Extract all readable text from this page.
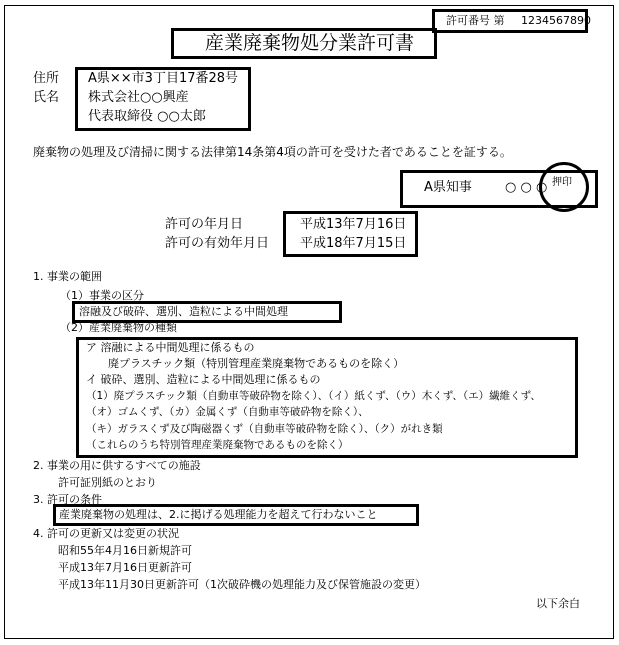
許可番号 第 1234567890
産業廃棄物処分業許可書
住所
氏名
A県××市3丁目17番28号
株式会社○○興産
代表取締役 ○○太郎
廃棄物の処理及び清掃に関する法律第14条第4項の許可を受けた者であることを証する。
A県知事	○ ○ ○ 押印
許可の年月日
許可の有効年月日
平成13年7月16日
平成18年7月15日
1. 事業の範囲
（1）事業の区分
溶融及び破砕、選別、造粒による中間処理
（2）産業廃棄物の種類
ア 溶融による中間処理に係るもの
廃プラスチック類（特別管理産業廃棄物であるものを除く）
イ 破砕、選別、造粒による中間処理に係るもの
（1）廃プラスチック類（自動車等破砕物を除く）、（イ）紙くず、（ウ）木くず、（エ）繊維くず、
（オ）ゴムくず、（カ）金属くず（自動車等破砕物を除く）、
（キ）ガラスくず及び陶磁器くず（自動車等破砕物を除く）、（ク）がれき類
（これらのうち特別管理産業廃棄物であるものを除く）
2. 事業の用に供するすべての施設
許可証別紙のとおり
3. 許可の条件
産業廃棄物の処理は、2.に掲げる処理能力を超えて行わないこと
4. 許可の更新又は変更の状況
昭和55年4月16日新規許可
平成13年7月16日更新許可
平成13年11月30日更新許可（1次破砕機の処理能力及び保管施設の変更）
以下余白
